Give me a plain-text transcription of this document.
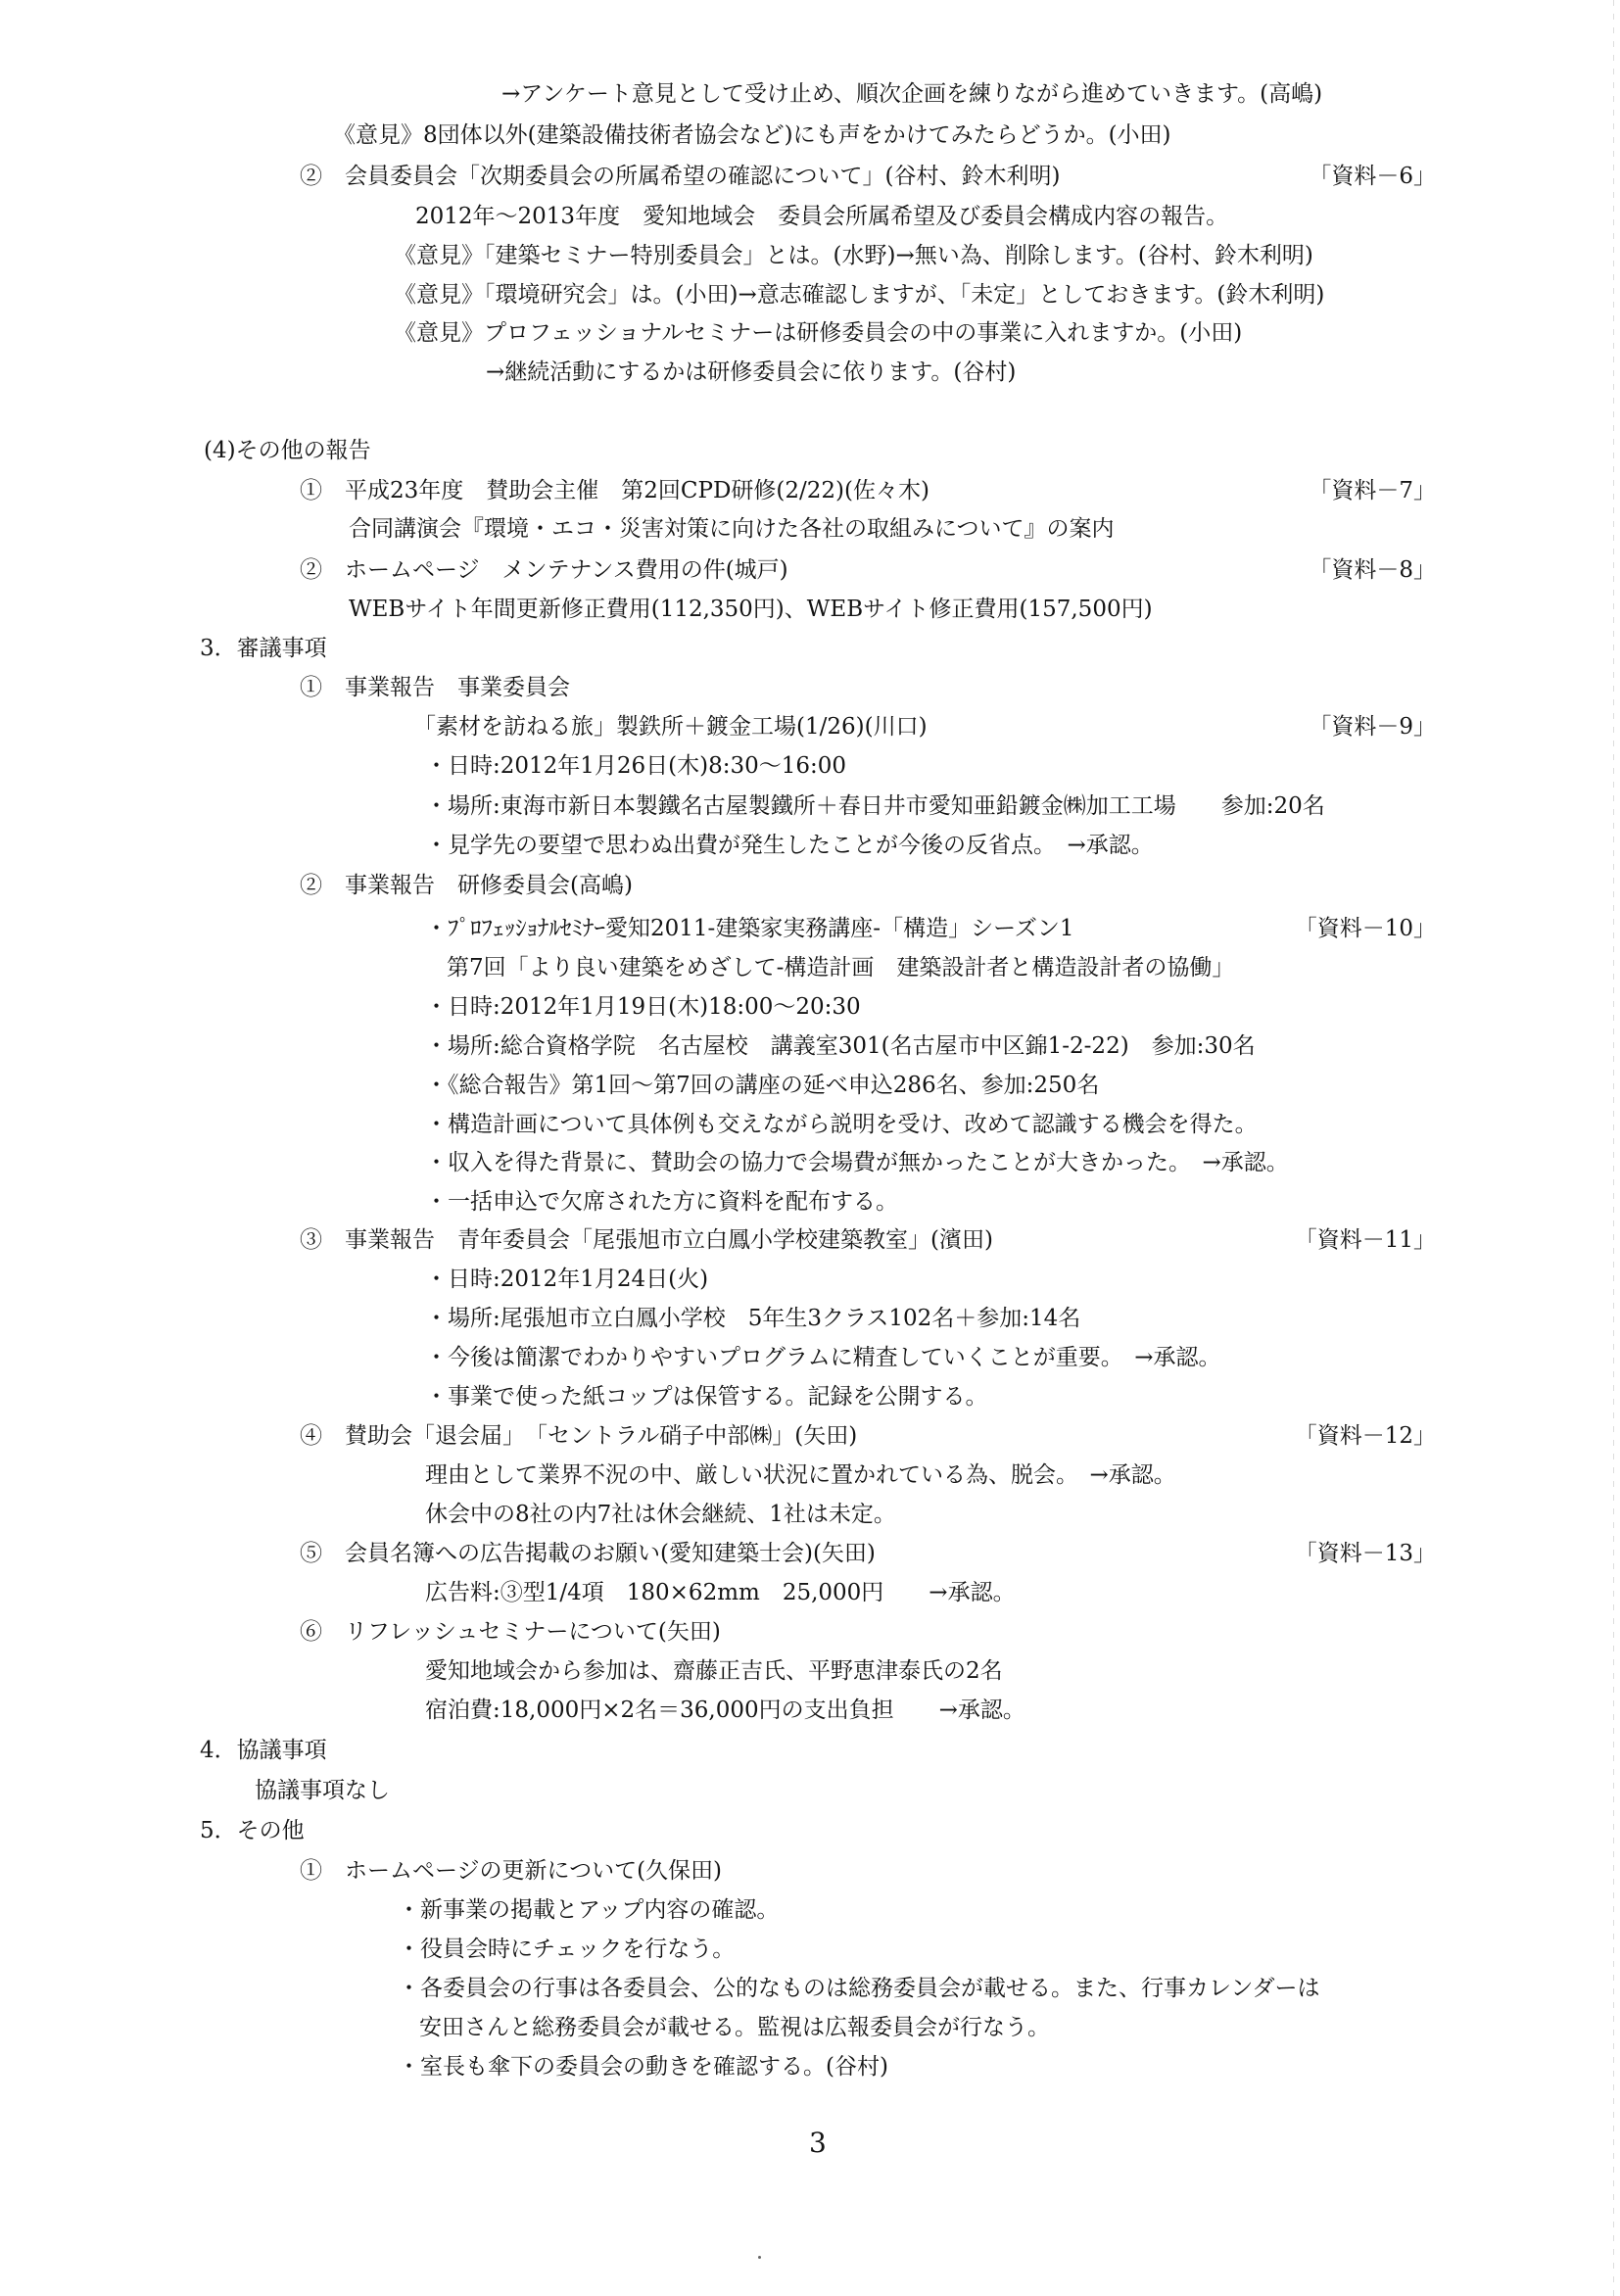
→アンケート意見として受け止め、順次企画を練りながら進めていきます。(高嶋)
《意見》8団体以外(建築設備技術者協会など)にも声をかけてみたらどうか。(小田)
②　会員委員会「次期委員会の所属希望の確認について」(谷村、鈴木利明)	「資料－6」
2012年～2013年度　愛知地域会　委員会所属希望及び委員会構成内容の報告。
《意見》「建築セミナー特別委員会」とは。(水野)→無い為、削除します。(谷村、鈴木利明)
《意見》「環境研究会」は。(小田)→意志確認しますが、「未定」としておきます。(鈴木利明)
《意見》プロフェッショナルセミナーは研修委員会の中の事業に入れますか。(小田)
→継続活動にするかは研修委員会に依ります。(谷村)
(4)その他の報告
①　平成23年度　賛助会主催　第2回CPD研修(2/22)(佐々木)	「資料－7」
合同講演会『環境・エコ・災害対策に向けた各社の取組みについて』の案内
②　ホームページ　メンテナンス費用の件(城戸)	「資料－8」
WEBサイト年間更新修正費用(112,350円)、WEBサイト修正費用(157,500円)
3．審議事項
①　事業報告　事業委員会
「素材を訪ねる旅」製鉄所＋鍍金工場(1/26)(川口)	「資料－9」
・日時:2012年1月26日(木)8:30～16:00
・場所:東海市新日本製鐵名古屋製鐵所＋春日井市愛知亜鉛鍍金㈱加工工場　　参加:20名
・見学先の要望で思わぬ出費が発生したことが今後の反省点。　→承認。
②　事業報告　研修委員会(高嶋)
・ﾌﾟﾛﾌｪｯｼｮﾅﾙｾﾐﾅｰ愛知2011-建築家実務講座-「構造」シーズン1	「資料－10」
第7回「より良い建築をめざして-構造計画　建築設計者と構造設計者の協働」
・日時:2012年1月19日(木)18:00～20:30
・場所:総合資格学院　名古屋校　講義室301(名古屋市中区錦1-2-22)　参加:30名
・《総合報告》第1回～第7回の講座の延べ申込286名、参加:250名
・構造計画について具体例も交えながら説明を受け、改めて認識する機会を得た。
・収入を得た背景に、賛助会の協力で会場費が無かったことが大きかった。　→承認。
・一括申込で欠席された方に資料を配布する。
③　事業報告　青年委員会「尾張旭市立白鳳小学校建築教室」(濱田)	「資料－11」
・日時:2012年1月24日(火)
・場所:尾張旭市立白鳳小学校　5年生3クラス102名＋参加:14名
・今後は簡潔でわかりやすいプログラムに精査していくことが重要。　→承認。
・事業で使った紙コップは保管する。記録を公開する。
④　賛助会「退会届」　「セントラル硝子中部㈱」(矢田)	「資料－12」
理由として業界不況の中、厳しい状況に置かれている為、脱会。　→承認。
休会中の8社の内7社は休会継続、1社は未定。
⑤　会員名簿への広告掲載のお願い(愛知建築士会)(矢田)	「資料－13」
広告料:③型1/4項　180×62mm　25,000円　　→承認。
⑥　リフレッシュセミナーについて(矢田)
愛知地域会から参加は、齋藤正吉氏、平野恵津泰氏の2名
宿泊費:18,000円×2名＝36,000円の支出負担　　→承認。
4．協議事項
協議事項なし
5．その他
①　ホームページの更新について(久保田)
・新事業の掲載とアップ内容の確認。
・役員会時にチェックを行なう。
・各委員会の行事は各委員会、公的なものは総務委員会が載せる。また、行事カレンダーは
安田さんと総務委員会が載せる。監視は広報委員会が行なう。
・室長も傘下の委員会の動きを確認する。(谷村)
3
